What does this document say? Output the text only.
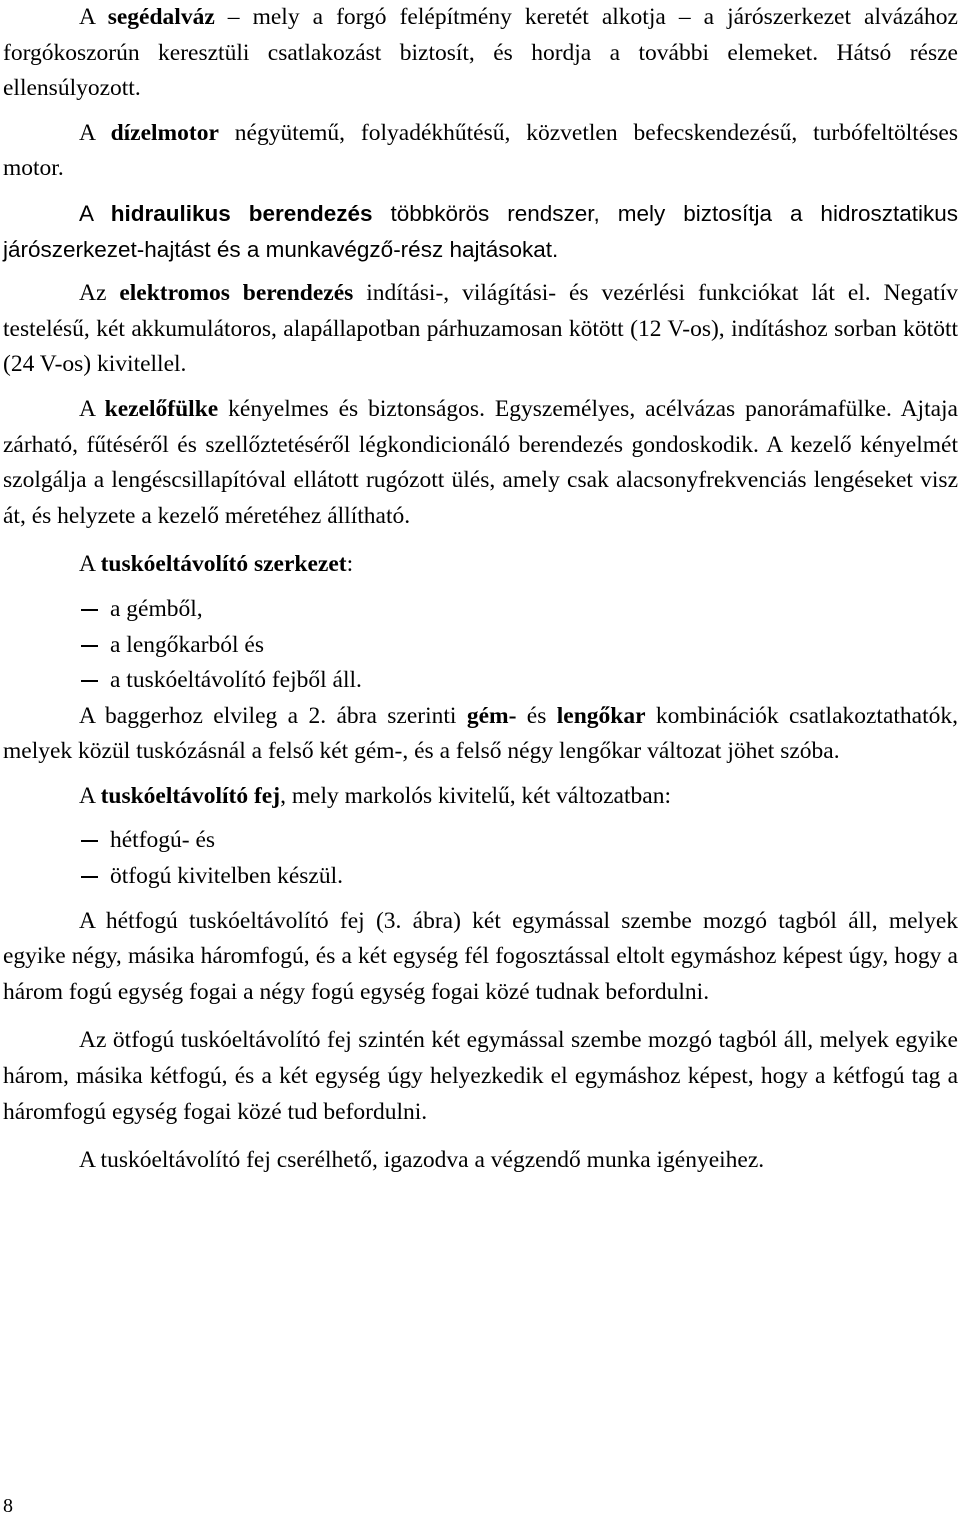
A segédalváz – mely a forgó felépítmény keretét alkotja – a járószerkezet alvázához forgókoszorún keresztüli csatlakozást biztosít, és hordja a további elemeket. Hátsó része ellensúlyozott.

A dízelmotor négyütemű, folyadékhűtésű, közvetlen befecskendezésű, turbófeltöltéses motor.

A hidraulikus berendezés többkörös rendszer, mely biztosítja a hidrosztatikus járószerkezet-hajtást és a munkavégző-rész hajtásokat.

Az elektromos berendezés indítási-, világítási- és vezérlési funkciókat lát el. Negatív testelésű, két akkumulátoros, alapállapotban párhuzamosan kötött (12 V-os), indításhoz sorban kötött (24 V-os) kivitellel.

A kezelőfülke kényelmes és biztonságos. Egyszemélyes, acélvázas panorámafülke. Ajtaja zárható, fűtéséről és szellőztetéséről légkondicionáló berendezés gondoskodik. A kezelő kényelmét szolgálja a lengéscsillapítóval ellátott rugózott ülés, amely csak alacsonyfrekvenciás lengéseket visz át, és helyzete a kezelő méretéhez állítható.

A tuskóeltávolító szerkezet:

a gémből,
a lengőkarból és
a tuskóeltávolító fejből áll.

A baggerhoz elvileg a 2. ábra szerinti gém- és lengőkar kombinációk csatlakoztathatók, melyek közül tuskózásnál a felső két gém-, és a felső négy lengőkar változat jöhet szóba.

A tuskóeltávolító fej, mely markolós kivitelű, két változatban:

hétfogú- és
ötfogú kivitelben készül.

A hétfogú tuskóeltávolító fej (3. ábra) két egymással szembe mozgó tagból áll, melyek egyike négy, másika háromfogú, és a két egység fél fogosztással eltolt egymáshoz képest úgy, hogy a három fogú egység fogai a négy fogú egység fogai közé tudnak befordulni.

Az ötfogú tuskóeltávolító fej szintén két egymással szembe mozgó tagból áll, melyek egyike három, másika kétfogú, és a két egység úgy helyezkedik el egymáshoz képest, hogy a kétfogú tag a háromfogú egység fogai közé tud befordulni.

A tuskóeltávolító fej cserélhető, igazodva a végzendő munka igényeihez.

8
